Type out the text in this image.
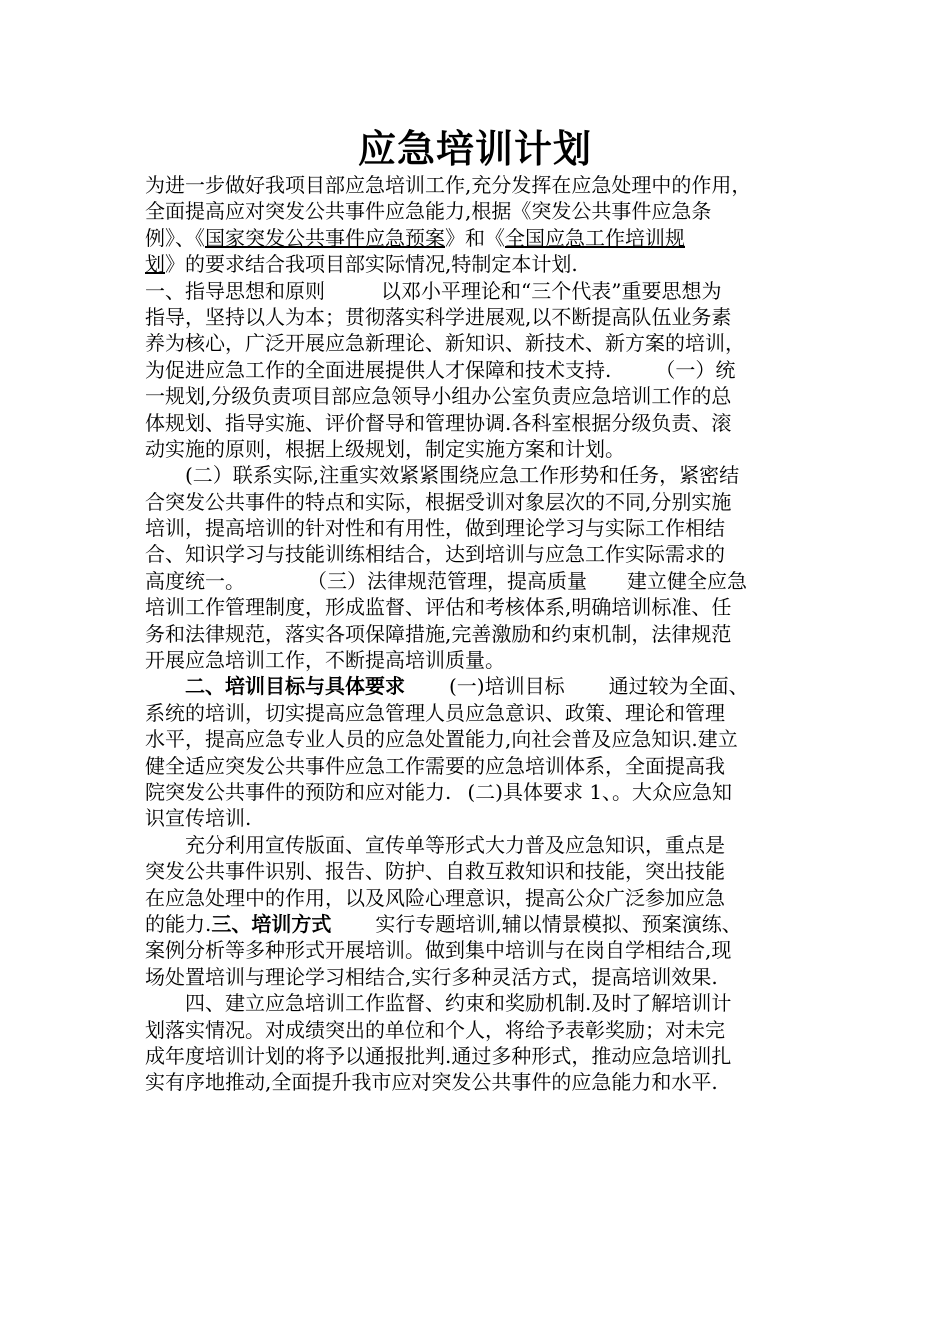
应急培训计划
为进一步做好我项目部应急培训工作,充分发挥在应急处理中的作用，
全面提高应对突发公共事件应急能力,根据《突发公共事件应急条
例》、《国家突发公共事件应急预案》和《全国应急工作培训规
划》的要求结合我项目部实际情况,特制定本计划.
一、指导思想和原则	以邓小平理论和“三个代表”重要思想为
指导，坚持以人为本；贯彻落实科学进展观,以不断提高队伍业务素
养为核心，广泛开展应急新理论、新知识、新技术、新方案的培训，
为促进应急工作的全面进展提供人才保障和技术支持. （一）统
一规划,分级负责项目部应急领导小组办公室负责应急培训工作的总
体规划、指导实施、评价督导和管理协调.各科室根据分级负责、滚
动实施的原则，根据上级规划，制定实施方案和计划。
(二）联系实际,注重实效紧紧围绕应急工作形势和任务，紧密结
合突发公共事件的特点和实际，根据受训对象层次的不同,分别实施
培训，提高培训的针对性和有用性，做到理论学习与实际工作相结
合、知识学习与技能训练相结合，达到培训与应急工作实际需求的
高度统一。	（三）法律规范管理，提高质量 建立健全应急
培训工作管理制度，形成监督、评估和考核体系,明确培训标准、任
务和法律规范，落实各项保障措施,完善激励和约束机制，法律规范
开展应急培训工作，不断提高培训质量。
二、培训目标与具体要求 (一)培训目标 通过较为全面、
系统的培训，切实提高应急管理人员应急意识、政策、理论和管理
水平，提高应急专业人员的应急处置能力,向社会普及应急知识.建立
健全适应突发公共事件应急工作需要的应急培训体系，全面提高我
院突发公共事件的预防和应对能力. (二)具体要求 1、。大众应急知
识宣传培训.
充分利用宣传版面、宣传单等形式大力普及应急知识，重点是
突发公共事件识别、报告、防护、自救互救知识和技能，突出技能
在应急处理中的作用，以及风险心理意识，提高公众广泛参加应急
的能力.三、培训方式 实行专题培训,辅以情景模拟、预案演练、
案例分析等多种形式开展培训。做到集中培训与在岗自学相结合,现
场处置培训与理论学习相结合,实行多种灵活方式，提高培训效果.
四、建立应急培训工作监督、约束和奖励机制.及时了解培训计
划落实情况。对成绩突出的单位和个人，将给予表彰奖励；对未完
成年度培训计划的将予以通报批判.通过多种形式，推动应急培训扎
实有序地推动,全面提升我市应对突发公共事件的应急能力和水平.
